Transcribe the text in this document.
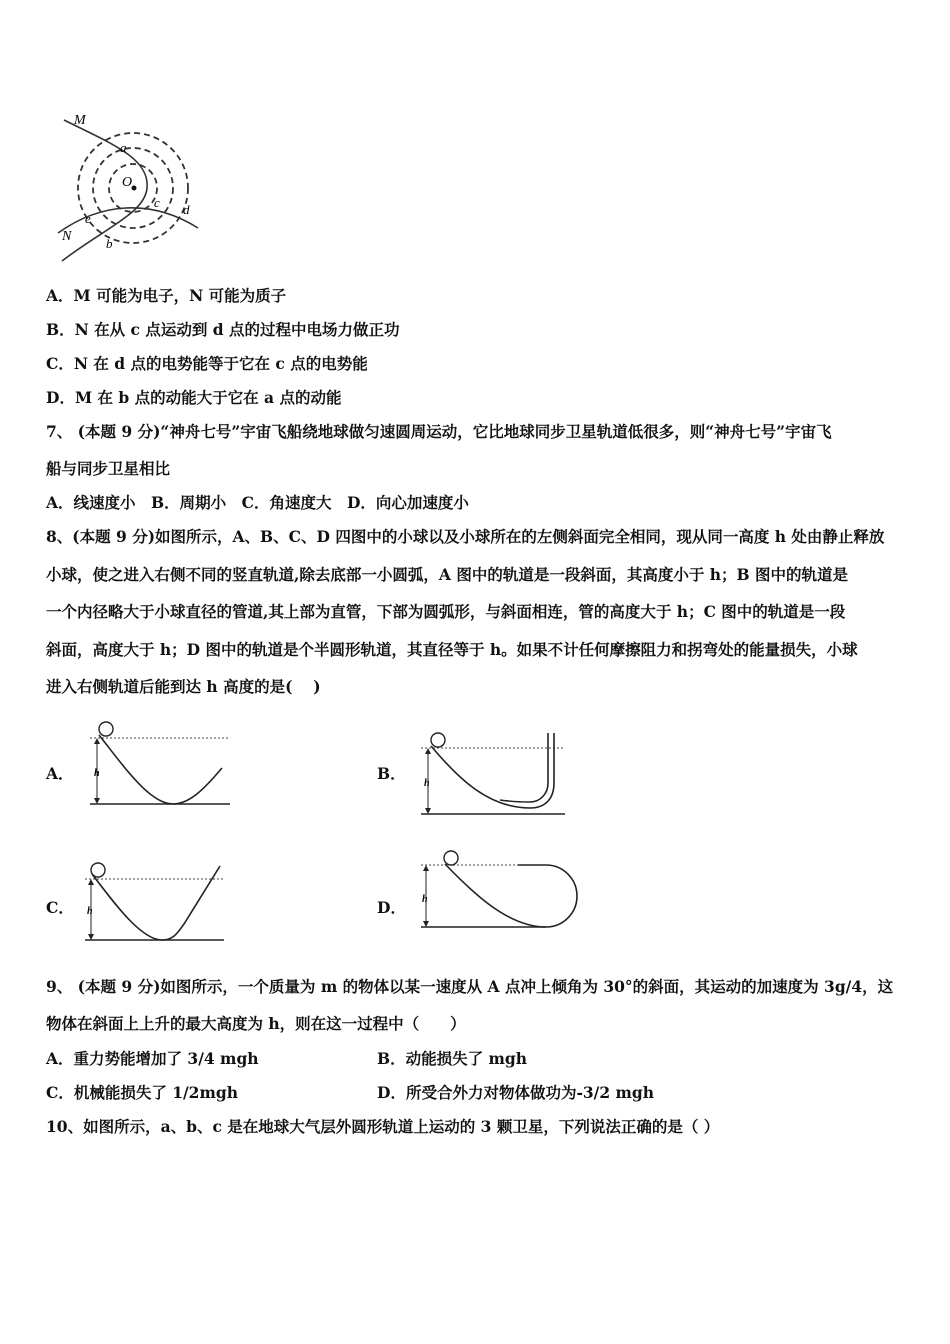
M
N
a
b
c d
e
O
A．M 可能为电子，N 可能为质子
B．N 在从 c 点运动到 d 点的过程中电场力做正功
C．N 在 d 点的电势能等于它在 c 点的电势能
D．M 在 b 点的动能大于它在 a 点的动能
7、 (本题 9 分)“神舟七号”宇宙飞船绕地球做匀速圆周运动，它比地球同步卫星轨道低很多，则“神舟七号”宇宙飞
船与同步卫星相比
A．线速度小　B．周期小　C．角速度大　D．向心加速度小
8、(本题 9 分)如图所示，A、B、C、D 四图中的小球以及小球所在的左侧斜面完全相同，现从同一高度 h 处由静止释放
小球，使之进入右侧不同的竖直轨道,除去底部一小圆弧，A 图中的轨道是一段斜面，其高度小于 h；B 图中的轨道是
一个内径略大于小球直径的管道,其上部为直管，下部为圆弧形，与斜面相连，管的高度大于 h；C 图中的轨道是一段
斜面，高度大于 h；D 图中的轨道是个半圆形轨道，其直径等于 h。如果不计任何摩擦阻力和拐弯处的能量损失，小球
进入右侧轨道后能到达 h 高度的是(　 )
A．	B．
C．	D．
h
h
h
h
9、 (本题 9 分)如图所示，一个质量为 m 的物体以某一速度从 A 点冲上倾角为 30°的斜面，其运动的加速度为 3g/4，这
物体在斜面上上升的最大高度为 h，则在这一过程中（　　）
A．重力势能增加了 3/4 mgh	B．动能损失了 mgh
C．机械能损失了 1/2mgh	D．所受合外力对物体做功为-3/2 mgh
10、如图所示，a、b、c 是在地球大气层外圆形轨道上运动的 3 颗卫星，下列说法正确的是（ ）
